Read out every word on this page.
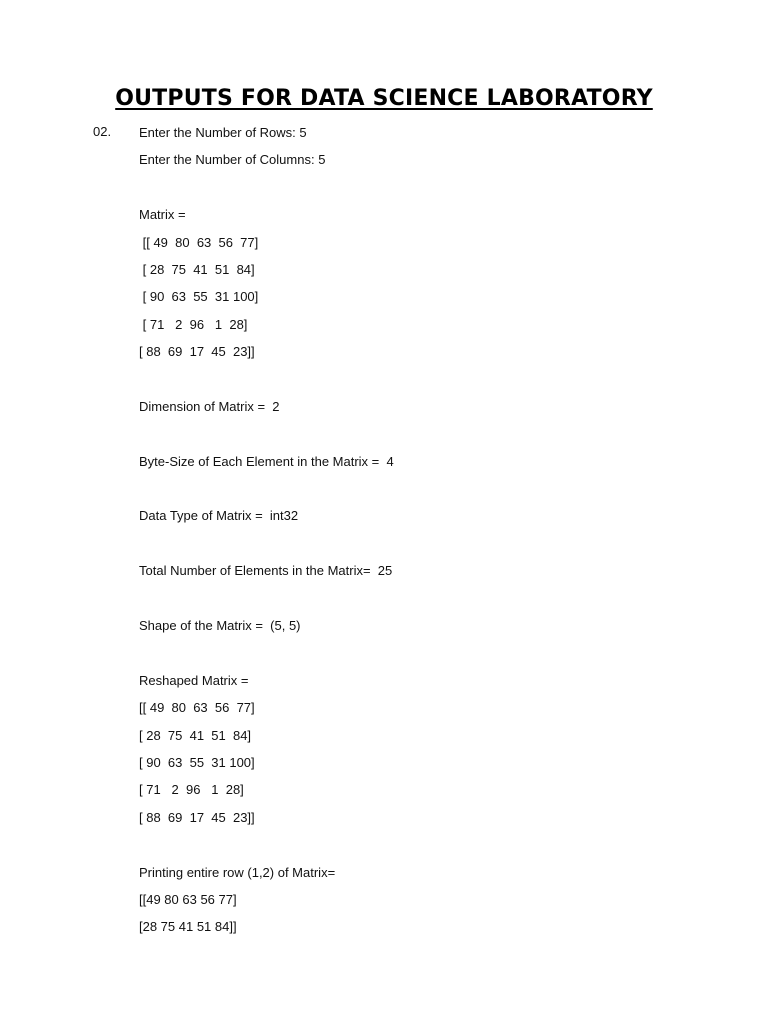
OUTPUTS FOR DATA SCIENCE LABORATORY
02. Enter the Number of Rows: 5
Enter the Number of Columns: 5
Matrix =
[[ 49  80  63  56  77]
[ 28  75  41  51  84]
[ 90  63  55  31 100]
[ 71   2  96   1  28]
[ 88  69  17  45  23]]
Dimension of Matrix =  2
Byte-Size of Each Element in the Matrix =  4
Data Type of Matrix =  int32
Total Number of Elements in the Matrix=  25
Shape of the Matrix =  (5, 5)
Reshaped Matrix =
[[ 49  80  63  56  77]
[ 28  75  41  51  84]
[ 90  63  55  31 100]
[ 71   2  96   1  28]
[ 88  69  17  45  23]]
Printing entire row (1,2) of Matrix=
[[49 80 63 56 77]
[28 75 41 51 84]]
